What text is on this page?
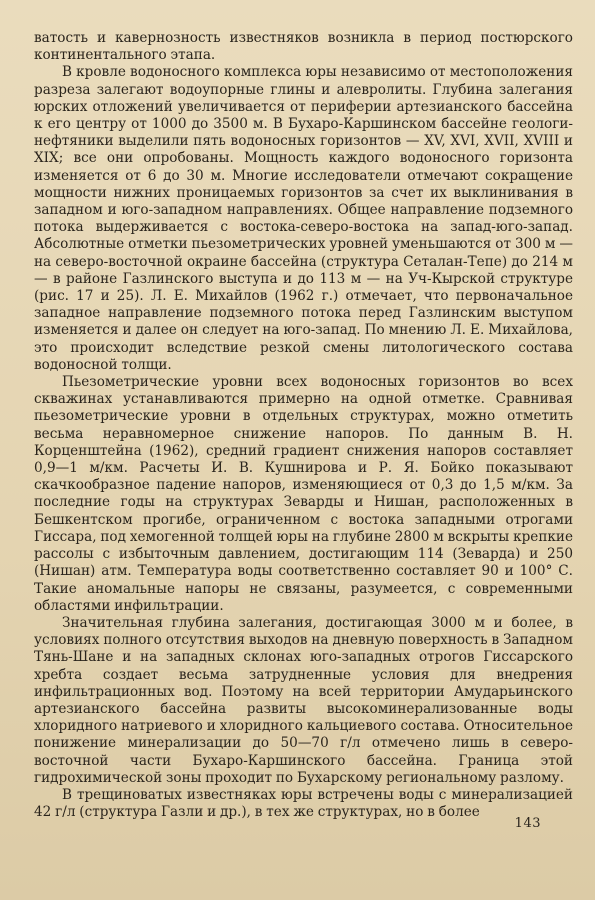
ватость и кавернозность известняков возникла в период постюрского континентального этапа.

В кровле водоносного комплекса юры независимо от местоположения разреза залегают водоупорные глины и алевролиты. Глубина залегания юрских отложений увеличивается от периферии артезианского бассейна к его центру от 1000 до 3500 м. В Бухаро-Каршинском бассейне геологи-нефтяники выделили пять водоносных горизонтов — XV, XVI, XVII, XVIII и XIX; все они опробованы. Мощность каждого водоносного горизонта изменяется от 6 до 30 м. Многие исследователи отмечают сокращение мощности нижних проницаемых горизонтов за счет их выклинивания в западном и юго-западном направлениях. Общее направление подземного потока выдерживается с востока-северо-востока на запад-юго-запад. Абсолютные отметки пьезометрических уровней уменьшаются от 300 м — на северо-восточной окраине бассейна (структура Сеталан-Тепе) до 214 м — в районе Газлинского выступа и до 113 м — на Уч-Кырской структуре (рис. 17 и 25). Л. Е. Михайлов (1962 г.) отмечает, что первоначальное западное направление подземного потока перед Газлинским выступом изменяется и далее он следует на юго-запад. По мнению Л. Е. Михайлова, это происходит вследствие резкой смены литологического состава водоносной толщи.

Пьезометрические уровни всех водоносных горизонтов во всех скважинах устанавливаются примерно на одной отметке. Сравнивая пьезометрические уровни в отдельных структурах, можно отметить весьма неравномерное снижение напоров. По данным В. Н. Корценштейна (1962), средний градиент снижения напоров составляет 0,9—1 м/км. Расчеты И. В. Кушнирова и Р. Я. Бойко показывают скачкообразное падение напоров, изменяющиеся от 0,3 до 1,5 м/км. За последние годы на структурах Зеварды и Нишан, расположенных в Бешкентском прогибе, ограниченном с востока западными отрогами Гиссара, под хемогенной толщей юры на глубине 2800 м вскрыты крепкие рассолы с избыточным давлением, достигающим 114 (Зеварда) и 250 (Нишан) атм. Температура воды соответственно составляет 90 и 100° С. Такие аномальные напоры не связаны, разумеется, с современными областями инфильтрации.

Значительная глубина залегания, достигающая 3000 м и более, в условиях полного отсутствия выходов на дневную поверхность в Западном Тянь-Шане и на западных склонах юго-западных отрогов Гиссарского хребта создает весьма затрудненные условия для внедрения инфильтрационных вод. Поэтому на всей территории Амударьинского артезианского бассейна развиты высокоминерализованные воды хлоридного натриевого и хлоридного кальциевого состава. Относительное понижение минерализации до 50—70 г/л отмечено лишь в северо-восточной части Бухаро-Каршинского бассейна. Граница этой гидрохимической зоны проходит по Бухарскому региональному разлому.

В трещиноватых известняках юры встречены воды с минерализацией 42 г/л (структура Газли и др.), в тех же структурах, но в более

143
